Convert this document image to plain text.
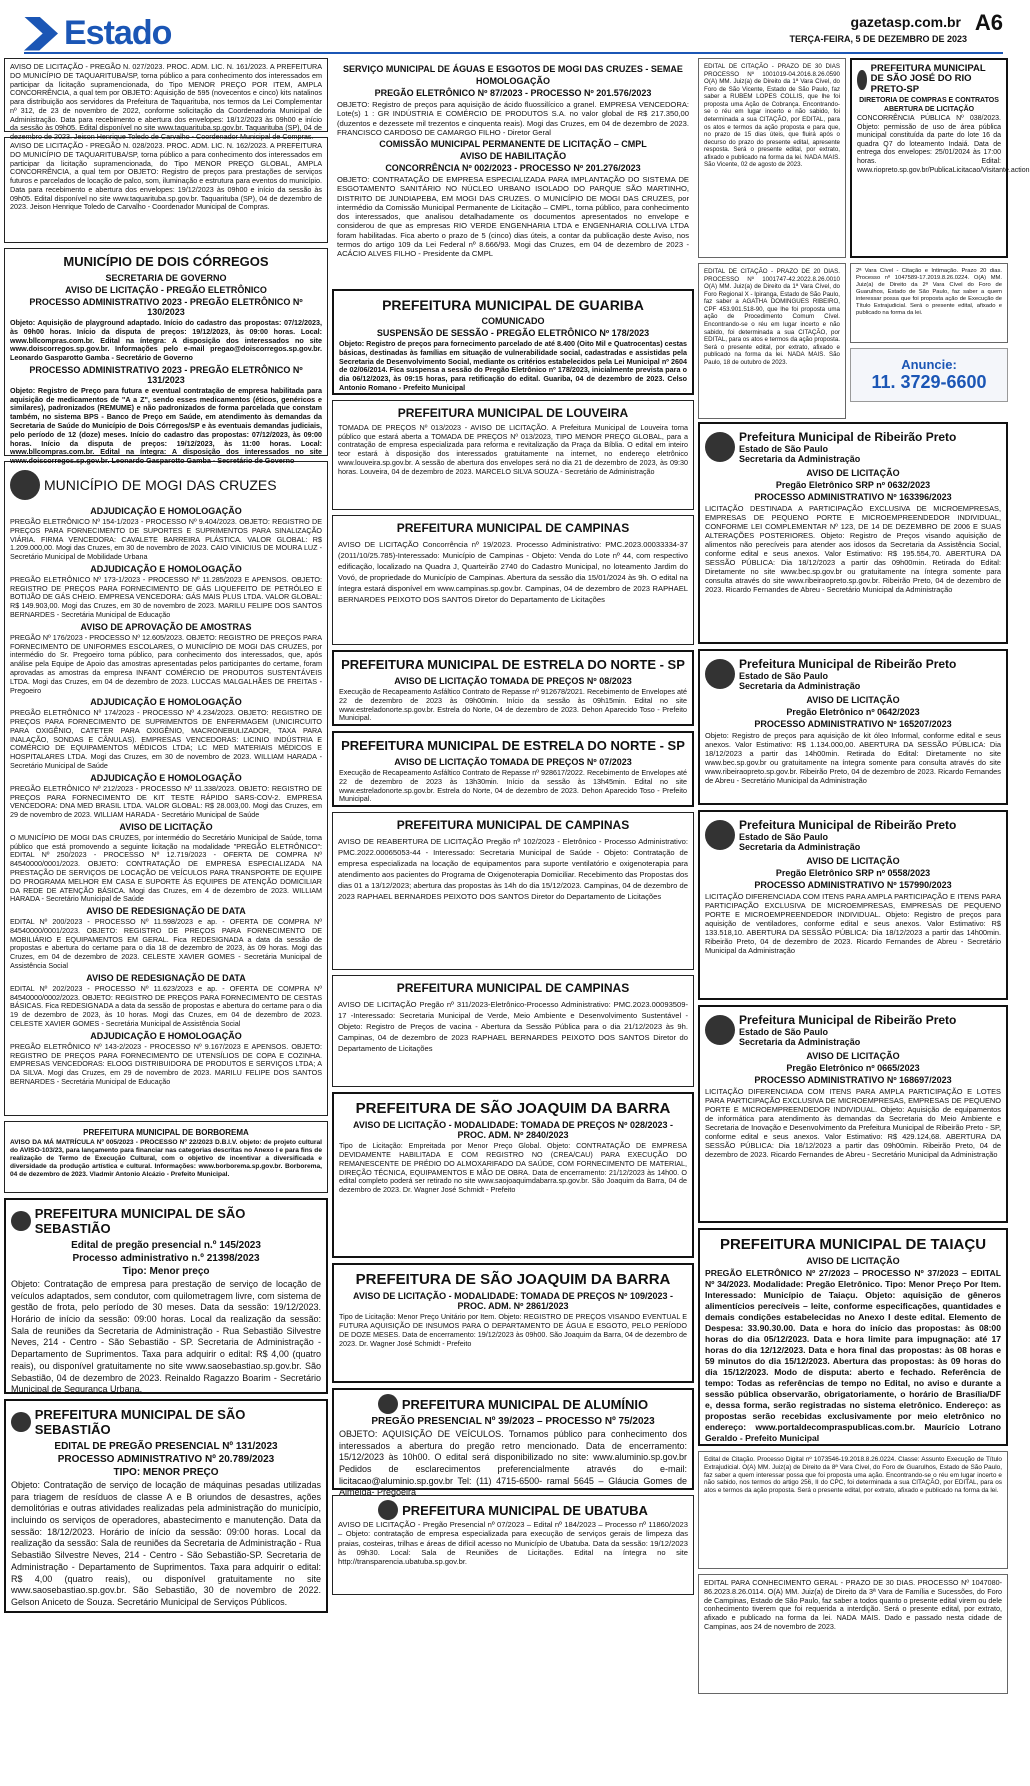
Estado	gazetasp.com.br A6
TERÇA-FEIRA, 5 DE DEZEMBRO DE 2023
AVISO DE LICITAÇÃO - PREGÃO N. 027/2023. PROC. ADM. LIC. N. 161/2023. A PREFEITURA DO MUNICÍPIO DE TAQUARITUBA/SP, torna público a para conhecimento dos interessados em participar da licitação supramencionada, do Tipo MENOR PREÇO POR ITEM, AMPLA CONCORRÊNCIA, a qual tem por OBJETO: Aquisição de 595 (novecentos e cinco) kits natalinos para distribuição aos servidores da Prefeitura de Taquarituba, nos termos da Lei Complementar nº 312, de 23 de novembro de 2022, conforme solicitação da Coordenadoria Municipal de Administração. Data para recebimento e abertura dos envelopes: 18/12/2023 às 09h00 e início da sessão às 09h05. Edital disponível no site www.taquarituba.sp.gov.br. Taquarituba (SP), 04 de dezembro de 2023. Jeison Henrique Toledo de Carvalho - Coordenador Municipal de Compras.
AVISO DE LICITAÇÃO - PREGÃO N. 028/2023. PROC. ADM. LIC. N. 162/2023. A PREFEITURA DO MUNICÍPIO DE TAQUARITUBA/SP, torna público a para conhecimento dos interessados em participar da licitação supramencionada, do Tipo MENOR PREÇO GLOBAL, AMPLA CONCORRÊNCIA, a qual tem por OBJETO: Registro de preços para prestações de serviços futuros e parcelados de locação de palco, som, iluminação e estrutura para eventos do município. Data para recebimento e abertura dos envelopes: 19/12/2023 às 09h00 e início da sessão às 09h05. Edital disponível no site www.taquarituba.sp.gov.br. Taquarituba (SP), 04 de dezembro de 2023. Jeison Henrique Toledo de Carvalho - Coordenador Municipal de Compras.
MUNICÍPIO DE DOIS CÓRREGOS
SECRETARIA DE GOVERNO
AVISO DE LICITAÇÃO - PREGÃO ELETRÔNICO
PROCESSO ADMINISTRATIVO 2023 - PREGÃO ELETRÔNICO Nº 130/2023
Objeto: Aquisição de playground adaptado. Início do cadastro das propostas: 07/12/2023, às 09h00 horas. Início da disputa de preços: 19/12/2023, às 09:00 horas. Local: www.bllcompras.com.br. Edital na íntegra: A disposição dos interessados no site www.doiscorregos.sp.gov.br. Informações pelo e-mail pregao@doiscorregos.sp.gov.br. Leonardo Gasparotto Gamba - Secretário de Governo
PROCESSO ADMINISTRATIVO 2023 - PREGÃO ELETRÔNICO Nº 131/2023
Objeto: Registro de Preço para futura e eventual contratação de empresa habilitada para aquisição de medicamentos de "A a Z", sendo esses medicamentos (éticos, genéricos e similares), padronizados (REMUME) e não padronizados de forma parcelada que constam também, no sistema BPS - Banco de Preço em Saúde, em atendimento às demandas da Secretaria de Saúde do Município de Dois Córregos/SP e às eventuais demandas judiciais, pelo período de 12 (doze) meses. Início do cadastro das propostas: 07/12/2023, às 09:00 horas. Início da disputa de preços: 19/12/2023, às 11:00 horas. Local: www.bllcompras.com.br. Edital na íntegra: A disposição dos interessados no site www.doiscorregos.sp.gov.br. Leonardo Gasparotto Gamba - Secretário de Governo
MUNICÍPIO DE MOGI DAS CRUZES
ADJUDICAÇÃO E HOMOLOGAÇÃO
PREGÃO ELETRÔNICO Nº 154-1/2023 - PROCESSO Nº 9.404/2023. OBJETO: REGISTRO DE PREÇOS PARA FORNECIMENTO DE SUPORTES E SUPRIMENTOS PARA SINALIZAÇÃO VIÁRIA. FIRMA VENCEDORA: CAVALETE BARREIRA PLÁSTICA. VALOR GLOBAL: R$ 1.209.000,00. Mogi das Cruzes, em 30 de novembro de 2023. CAIO VINICIUS DE MOURA LUZ - Secretário Municipal de Mobilidade Urbana
ADJUDICAÇÃO E HOMOLOGAÇÃO
PREGÃO ELETRÔNICO Nº 173-1/2023 - PROCESSO Nº 11.285/2023 E APENSOS. OBJETO: REGISTRO DE PREÇOS PARA FORNECIMENTO DE GÁS LIQUEFEITO DE PETRÓLEO E BOTIJÃO DE GÁS CHEIO. EMPRESA VENCEDORA: GÁS MAIS PLUS LTDA. VALOR GLOBAL: R$ 149.903,00. Mogi das Cruzes, em 30 de novembro de 2023. MARILU FELIPE DOS SANTOS BERNARDES - Secretária Municipal de Educação
AVISO DE APROVAÇÃO DE AMOSTRAS
PREGÃO Nº 176/2023 - PROCESSO Nº 12.605/2023. OBJETO: REGISTRO DE PREÇOS PARA FORNECIMENTO DE UNIFORMES ESCOLARES, O MUNICÍPIO DE MOGI DAS CRUZES, por intermédio do Sr. Pregoeiro torna público, para conhecimento dos interessados, que, após análise pela Equipe de Apoio das amostras apresentadas pelos participantes do certame, foram aprovadas as amostras da empresa INFANT COMÉRCIO DE PRODUTOS SUSTENTÁVEIS LTDA. Mogi das Cruzes, em 04 de dezembro de 2023. LUCCAS MALGALHÃES DE FREITAS - Pregoeiro
ADJUDICAÇÃO E HOMOLOGAÇÃO
PREGÃO ELETRÔNICO Nº 174/2023 - PROCESSO Nº 4.234/2023. OBJETO: REGISTRO DE PREÇOS PARA FORNECIMENTO DE SUPRIMENTOS DE ENFERMAGEM (UNICIRCUITO PARA OXIGÊNIO, CATETER PARA OXIGÊNIO, MACRONEBULIZADOR, TAXA PARA INALAÇÃO, SONDAS E CÂNULAS). EMPRESAS VENCEDORAS: LICINIO INDÚSTRIA E COMÉRCIO DE EQUIPAMENTOS MÉDICOS LTDA; LC MED MATERIAIS MÉDICOS E HOSPITALARES LTDA. Mogi das Cruzes, em 30 de novembro de 2023. WILLIAM HARADA - Secretário Municipal de Saúde
ADJUDICAÇÃO E HOMOLOGAÇÃO
PREGÃO ELETRÔNICO Nº 212/2023 - PROCESSO Nº 11.338/2023. OBJETO: REGISTRO DE PREÇOS PARA FORNECIMENTO DE KIT TESTE RÁPIDO SARS-COV-2. EMPRESA VENCEDORA: DNA MED BRASIL LTDA. VALOR GLOBAL: R$ 28.003,00. Mogi das Cruzes, em 29 de novembro de 2023. WILLIAM HARADA - Secretário Municipal de Saúde
AVISO DE LICITAÇÃO
O MUNICÍPIO DE MOGI DAS CRUZES, por intermédio do Secretário Municipal de Saúde, torna público que está promovendo a seguinte licitação na modalidade "PREGÃO ELETRÔNICO": EDITAL Nº 250/2023 - PROCESSO Nº 12.719/2023 - OFERTA DE COMPRA Nº 84540000/0001/2023. OBJETO: CONTRATAÇÃO DE EMPRESA ESPECIALIZADA NA PRESTAÇÃO DE SERVIÇOS DE LOCAÇÃO DE VEÍCULOS PARA TRANSPORTE DE EQUIPE DO PROGRAMA MELHOR EM CASA E SUPORTE ÀS EQUIPES DE ATENÇÃO DOMICILIAR DA REDE DE ATENÇÃO BÁSICA. Mogi das Cruzes, em 4 de dezembro de 2023. WILLIAM HARADA - Secretário Municipal de Saúde
AVISO DE REDESIGNAÇÃO DE DATA
EDITAL Nº 200/2023 - PROCESSO Nº 11.598/2023 e ap. - OFERTA DE COMPRA Nº 84540000/0001/2023. OBJETO: REGISTRO DE PREÇOS PARA FORNECIMENTO DE MOBILIÁRIO E EQUIPAMENTOS EM GERAL. Fica REDESIGNADA a data da sessão de propostas e abertura do certame para o dia 18 de dezembro de 2023, às 09 horas. Mogi das Cruzes, em 04 de dezembro de 2023. CELESTE XAVIER GOMES - Secretária Municipal de Assistência Social
AVISO DE REDESIGNAÇÃO DE DATA
EDITAL Nº 202/2023 - PROCESSO Nº 11.623/2023 e ap. - OFERTA DE COMPRA Nº 84540000/0002/2023. OBJETO: REGISTRO DE PREÇOS PARA FORNECIMENTO DE CESTAS BÁSICAS. Fica REDESIGNADA a data da sessão de propostas e abertura do certame para o dia 19 de dezembro de 2023, às 10 horas. Mogi das Cruzes, em 04 de dezembro de 2023. CELESTE XAVIER GOMES - Secretária Municipal de Assistência Social
ADJUDICAÇÃO E HOMOLOGAÇÃO
PREGÃO ELETRÔNICO Nº 143-2/2023 - PROCESSO Nº 9.167/2023 E APENSOS. OBJETO: REGISTRO DE PREÇOS PARA FORNECIMENTO DE UTENSÍLIOS DE COPA E COZINHA. EMPRESAS VENCEDORAS: ELOOG DISTRIBUIDORA DE PRODUTOS E SERVIÇOS LTDA; A DA SILVA. Mogi das Cruzes, em 29 de novembro de 2023. MARILU FELIPE DOS SANTOS BERNARDES - Secretária Municipal de Educação
PREFEITURA MUNICIPAL DE BORBOREMA
AVISO DA MÁ MATRÍCULA Nº 005/2023 - PROCESSO Nº 22/2023 D.B.I.V. objeto: de projeto cultural do AVISO-103/23, para lançamento para financiar nas categorias descritas no Anexo I e para fins de realização de Termo de Execução Cultural, com o objetivo de incentivar a diversificada e diversidade da produção artística e cultural. Informações: www.borborema.sp.gov.br. Borborema, 04 de dezembro de 2023. Vladmir Antonio Alcázio - Prefeito Municipal.
PREFEITURA MUNICIPAL DE SÃO SEBASTIÃO
Edital de pregão presencial n.º 145/2023
Processo administrativo n.º 21398/2023
Tipo: Menor preço
Objeto: Contratação de empresa para prestação de serviço de locação de veículos adaptados, sem condutor, com quilometragem livre, com sistema de gestão de frota, pelo período de 30 meses. Data da sessão: 19/12/2023. Horário de início da sessão: 09:00 horas. Local da realização da sessão: Sala de reuniões da Secretaria de Administração - Rua Sebastião Silvestre Neves, 214 - Centro - São Sebastião - SP. Secretaria de Administração - Departamento de Suprimentos. Taxa para adquirir o edital: R$ 4,00 (quatro reais), ou disponível gratuitamente no site www.saosebastiao.sp.gov.br. São Sebastião, 04 de dezembro de 2023. Reinaldo Ragazzo Boarim - Secretário Municipal de Segurança Urbana.
PREFEITURA MUNICIPAL DE SÃO SEBASTIÃO
EDITAL DE PREGÃO PRESENCIAL Nº 131/2023
PROCESSO ADMINISTRATIVO Nº 20.789/2023
TIPO: MENOR PREÇO
Objeto: Contratação de serviço de locação de máquinas pesadas utilizadas para triagem de resíduos de classe A e B oriundos de desastres, ações demolitórias e outras atividades realizadas pela administração do município, incluindo os serviços de operadores, abastecimento e manutenção. Data da sessão: 18/12/2023. Horário de início da sessão: 09:00 horas. Local da realização da sessão: Sala de reuniões da Secretaria de Administração - Rua Sebastião Silvestre Neves, 214 - Centro - São Sebastião-SP. Secretaria de Administração - Departamento de Suprimentos. Taxa para adquirir o edital: R$ 4,00 (quatro reais), ou disponível gratuitamente no site www.saosebastiao.sp.gov.br. São Sebastião, 30 de novembro de 2022. Gelson Aniceto de Souza. Secretário Municipal de Serviços Públicos.
SERVIÇO MUNICIPAL DE ÁGUAS E ESGOTOS DE MOGI DAS CRUZES - SEMAE
HOMOLOGAÇÃO
PREGÃO ELETRÔNICO Nº 87/2023 - PROCESSO Nº 201.576/2023
OBJETO: Registro de preços para aquisição de ácido fluossilícico a granel. EMPRESA VENCEDORA: Lote(s) 1 : GR INDÚSTRIA E COMÉRCIO DE PRODUTOS S.A. no valor global de R$ 217.350,00 (duzentos e dezessete mil trezentos e cinquenta reais). Mogi das Cruzes, em 04 de dezembro de 2023. FRANCISCO CARDOSO DE CAMARGO FILHO - Diretor Geral
COMISSÃO MUNICIPAL PERMANENTE DE LICITAÇÃO – CMPL
AVISO DE HABILITAÇÃO
CONCORRÊNCIA Nº 002/2023 - PROCESSO Nº 201.276/2023
OBJETO: CONTRATAÇÃO DE EMPRESA ESPECIALIZADA PARA IMPLANTAÇÃO DO SISTEMA DE ESGOTAMENTO SANITÁRIO NO NÚCLEO URBANO ISOLADO DO PARQUE SÃO MARTINHO, DISTRITO DE JUNDIAPEBA, EM MOGI DAS CRUZES. O MUNICÍPIO DE MOGI DAS CRUZES, por intermédio da Comissão Municipal Permanente de Licitação – CMPL, torna público, para conhecimento dos interessados, que analisou detalhadamente os documentos apresentados no envelope e considerou de que as empresas RIO VERDE ENGENHARIA LTDA e ENGENHARIA COLLIVA LTDA foram habilitadas. Fica aberto o prazo de 5 (cinco) dias úteis, a contar da publicação deste Aviso, nos termos do artigo 109 da Lei Federal nº 8.666/93. Mogi das Cruzes, em 04 de dezembro de 2023 - ACÁCIO ALVES FILHO - Presidente da CMPL
PREFEITURA MUNICIPAL DE GUARIBA
COMUNICADO
SUSPENSÃO DE SESSÃO - PREGÃO ELETRÔNICO Nº 178/2023
Objeto: Registro de preços para fornecimento parcelado de até 8.400 (Oito Mil e Quatrocentas) cestas básicas, destinadas às famílias em situação de vulnerabilidade social, cadastradas e assistidas pela Secretaria de Desenvolvimento Social, mediante os critérios estabelecidos pela Lei Municipal nº 2604 de 02/06/2014. Fica suspensa a sessão do Pregão Eletrônico nº 178/2023, inicialmente prevista para o dia 06/12/2023, às 09:15 horas, para retificação do edital. Guariba, 04 de dezembro de 2023. Celso Antonio Romano - Prefeito Municipal
PREFEITURA MUNICIPAL DE LOUVEIRA
TOMADA DE PREÇOS Nº 013/2023 - AVISO DE LICITAÇÃO. A Prefeitura Municipal de Louveira torna público que estará aberta a TOMADA DE PREÇOS Nº 013/2023, TIPO MENOR PREÇO GLOBAL, para a contratação de empresa especializada para reforma e revitalização da Praça da Bíblia. O edital em inteiro teor estará à disposição dos interessados gratuitamente na internet, no endereço eletrônico www.louveira.sp.gov.br. A sessão de abertura dos envelopes será no dia 21 de dezembro de 2023, às 09:30 horas. Louveira, 04 de dezembro de 2023. MARCELO SILVA SOUZA - Secretário de Administração
PREFEITURA MUNICIPAL DE CAMPINAS
AVISO DE LICITAÇÃO Concorrência nº 19/2023. Processo Administrativo: PMC.2023.00033334-37 (2011/10/25.785)-Interessado: Município de Campinas - Objeto: Venda do Lote nº 44, com respectivo edificação, localizado na Quadra J, Quarteirão 2740 do Cadastro Municipal, no loteamento Jardim do Vovó, de propriedade do Município de Campinas. Abertura da sessão dia 15/01/2024 às 9h. O edital na íntegra estará disponível em www.campinas.sp.gov.br. Campinas, 04 de dezembro de 2023 RAPHAEL BERNARDES PEIXOTO DOS SANTOS Diretor do Departamento de Licitações
PREFEITURA MUNICIPAL DE ESTRELA DO NORTE - SP
AVISO DE LICITAÇÃO TOMADA DE PREÇOS Nº 08/2023
Execução de Recapeamento Asfáltico Contrato de Repasse nº 912678/2021. Recebimento de Envelopes até 22 de dezembro de 2023 às 09h00min. Início da sessão às 09h15min. Edital no site www.estreladonorte.sp.gov.br. Estrela do Norte, 04 de dezembro de 2023. Dehon Aparecido Toso - Prefeito Municipal.
PREFEITURA MUNICIPAL DE ESTRELA DO NORTE - SP
AVISO DE LICITAÇÃO TOMADA DE PREÇOS Nº 07/2023
Execução de Recapeamento Asfáltico Contrato de Repasse nº 928617/2022. Recebimento de Envelopes até 22 de dezembro de 2023 às 13h30min. Início da sessão às 13h45min. Edital no site www.estreladonorte.sp.gov.br. Estrela do Norte, 04 de dezembro de 2023. Dehon Aparecido Toso - Prefeito Municipal.
PREFEITURA MUNICIPAL DE CAMPINAS
AVISO DE REABERTURA DE LICITAÇÃO Pregão nº 102/2023 - Eletrônico - Processo Administrativo: PMC.2022.00065053-44 - Interessado: Secretaria Municipal de Saúde - Objeto: Contratação de empresa especializada na locação de equipamentos para suporte ventilatório e oxigenoterapia para atendimento aos pacientes do Programa de Oxigenoterapia Domiciliar. Recebimento das Propostas dos dias 01 a 13/12/2023; abertura das propostas às 14h do dia 15/12/2023. Campinas, 04 de dezembro de 2023 RAPHAEL BERNARDES PEIXOTO DOS SANTOS Diretor do Departamento de Licitações
PREFEITURA MUNICIPAL DE CAMPINAS
AVISO DE LICITAÇÃO Pregão nº 311/2023-Eletrônico-Processo Administrativo: PMC.2023.00093509-17 -Interessado: Secretaria Municipal de Verde, Meio Ambiente e Desenvolvimento Sustentável - Objeto: Registro de Preços de vacina - Abertura da Sessão Pública para o dia 21/12/2023 às 9h. Campinas, 04 de dezembro de 2023 RAPHAEL BERNARDES PEIXOTO DOS SANTOS Diretor do Departamento de Licitações
PREFEITURA DE SÃO JOAQUIM DA BARRA
AVISO DE LICITAÇÃO - MODALIDADE: TOMADA DE PREÇOS Nº 028/2023 - PROC. ADM. Nº 2840/2023
Tipo de Licitação: Empreitada por Menor Preço Global. Objeto: CONTRATAÇÃO DE EMPRESA DEVIDAMENTE HABILITADA E COM REGISTRO NO (CREA/CAU) PARA EXECUÇÃO DO REMANESCENTE DE PRÉDIO DO ALMOXARIFADO DA SAÚDE, COM FORNECIMENTO DE MATERIAL, DIREÇÃO TÉCNICA, EQUIPAMENTOS E MÃO DE OBRA. Data de encerramento: 21/12/2023 às 14h00. O edital completo poderá ser retirado no site www.saojoaquimdabarra.sp.gov.br. São Joaquim da Barra, 04 de dezembro de 2023. Dr. Wagner José Schmidt - Prefeito
PREFEITURA DE SÃO JOAQUIM DA BARRA
AVISO DE LICITAÇÃO - MODALIDADE: TOMADA DE PREÇOS Nº 109/2023 - PROC. ADM. Nº 2861/2023
Tipo de Licitação: Menor Preço Unitário por Item. Objeto: REGISTRO DE PREÇOS VISANDO EVENTUAL E FUTURA AQUISIÇÃO DE INSUMOS PARA O DEPARTAMENTO DE ÁGUA E ESGOTO, PELO PERÍODO DE DOZE MESES. Data de encerramento: 19/12/2023 às 09h00. São Joaquim da Barra, 04 de dezembro de 2023. Dr. Wagner José Schmidt - Prefeito
PREFEITURA MUNICIPAL DE ALUMÍNIO
PREGÃO PRESENCIAL Nº 39/2023 – PROCESSO Nº 75/2023
OBJETO: AQUISIÇÃO DE VEÍCULOS. Tornamos público para conhecimento dos interessados a abertura do pregão retro mencionado. Data de encerramento: 15/12/2023 às 10h00. O edital será disponibilizado no site: www.aluminio.sp.gov.br Pedidos de esclarecimentos preferencialmente através do e-mail: licitacao@aluminio.sp.gov.br Tel: (11) 4715-6500- ramal 5645 – Gláucia Gomes de Almeida- Pregoeira
PREFEITURA MUNICIPAL DE UBATUBA
AVISO DE LICITAÇÃO - Pregão Presencial nº 07/2023 – Edital nº 184/2023 – Processo nº 11860/2023 – Objeto: contratação de empresa especializada para execução de serviços gerais de limpeza das praias, costeiras, trilhas e áreas de difícil acesso no Município de Ubatuba. Data da sessão: 19/12/2023 às 09h30. Local: Sala de Reuniões de Licitações. Edital na íntegra no site http://transparencia.ubatuba.sp.gov.br.
EDITAL DE CITAÇÃO - PRAZO DE 30 DIAS PROCESSO Nº 1001019-04.2016.8.26.0590 O(A) MM. Juiz(a) de Direito da 1ª Vara Cível, do Foro de São Vicente, Estado de São Paulo, faz saber a RUBEM LOPES COLLIS, que lhe foi proposta uma Ação de Cobrança. Encontrando-se o réu em lugar incerto e não sabido, foi determinada a sua CITAÇÃO, por EDITAL, para os atos e termos da ação proposta e para que, no prazo de 15 dias úteis, que fluirá após o decurso do prazo do presente edital, apresente resposta. Será o presente edital, por extrato, afixado e publicado na forma da lei. NADA MAIS. São Vicente, 02 de agosto de 2023.
EDITAL DE CITAÇÃO - PRAZO DE 20 DIAS. PROCESSO Nº 1001747-42.2022.8.26.0010 O(A) MM. Juiz(a) de Direito da 1ª Vara Cível, do Foro Regional X - Ipiranga, Estado de São Paulo, faz saber a AGATHA DOMINGUES RIBEIRO, CPF 453.901.518-90, que lhe foi proposta uma ação de Procedimento Comum Cível. Encontrando-se o réu em lugar incerto e não sabido, foi determinada a sua CITAÇÃO, por EDITAL, para os atos e termos da ação proposta. Será o presente edital, por extrato, afixado e publicado na forma da lei. NADA MAIS. São Paulo, 18 de outubro de 2023.
PREFEITURA MUNICIPAL DE SÃO JOSÉ DO RIO PRETO-SP
DIRETORIA DE COMPRAS E CONTRATOS
ABERTURA DE LICITAÇÃO
CONCORRÊNCIA PÚBLICA Nº 038/2023. Objeto: permissão de uso de área pública municipal constituída da parte do lote 16 da quadra Q7 do loteamento Indaiá. Data de entrega dos envelopes: 25/01/2024 às 17:00 horas. Edital: www.riopreto.sp.gov.br/PublicaLicitacao/Visitante.action
2ª Vara Cível - Citação e Intimação. Prazo 20 dias. Processo nº 1047589-17.2019.8.26.0224. O(A) MM. Juiz(a) de Direito da 2ª Vara Cível do Foro de Guarulhos, Estado de São Paulo, faz saber a quem interessar possa que foi proposta ação de Execução de Título Extrajudicial. Será o presente edital, afixado e publicado na forma da lei.
Anuncie:
11. 3729-6600
Prefeitura Municipal de Ribeirão Preto
Estado de São Paulo
Secretaria da Administração
AVISO DE LICITAÇÃO
Pregão Eletrônico SRP nº 0632/2023
PROCESSO ADMINISTRATIVO Nº 163396/2023
LICITAÇÃO DESTINADA A PARTICIPAÇÃO EXCLUSIVA DE MICROEMPRESAS, EMPRESAS DE PEQUENO PORTE E MICROEMPREENDEDOR INDIVIDUAL, CONFORME LEI COMPLEMENTAR Nº 123, DE 14 DE DEZEMBRO DE 2006 E SUAS ALTERAÇÕES POSTERIORES. Objeto: Registro de Preços visando aquisição de alimentos não perecíveis para atender aos idosos da Secretaria da Assistência Social, conforme edital e seus anexos. Valor Estimativo: R$ 195.554,70. ABERTURA DA SESSÃO PÚBLICA: Dia 18/12/2023 a partir das 09h00min. Retirada do Edital: Diretamente no site www.bec.sp.gov.br ou gratuitamente na íntegra somente para consulta através do site www.ribeiraopreto.sp.gov.br. Ribeirão Preto, 04 de dezembro de 2023. Ricardo Fernandes de Abreu - Secretário Municipal da Administração
Prefeitura Municipal de Ribeirão Preto
Estado de São Paulo
Secretaria da Administração
AVISO DE LICITAÇÃO
Pregão Eletrônico nº 0642/2023
PROCESSO ADMINISTRATIVO Nº 165207/2023
Objeto: Registro de preços para aquisição de kit óleo Informal, conforme edital e seus anexos. Valor Estimativo: R$ 1.134.000,00. ABERTURA DA SESSÃO PÚBLICA: Dia 18/12/2023 a partir das 14h00min. Retirada do Edital: Diretamente no site www.bec.sp.gov.br ou gratuitamente na íntegra somente para consulta através do site www.ribeiraopreto.sp.gov.br. Ribeirão Preto, 04 de dezembro de 2023. Ricardo Fernandes de Abreu - Secretário Municipal da Administração
Prefeitura Municipal de Ribeirão Preto
Estado de São Paulo
Secretaria da Administração
AVISO DE LICITAÇÃO
Pregão Eletrônico SRP nº 0558/2023
PROCESSO ADMINISTRATIVO Nº 157990/2023
LICITAÇÃO DIFERENCIADA COM ITENS PARA AMPLA PARTICIPAÇÃO E ITENS PARA PARTICIPAÇÃO EXCLUSIVA DE MICROEMPRESAS, EMPRESAS DE PEQUENO PORTE E MICROEMPREENDEDOR INDIVIDUAL. Objeto: Registro de preços para aquisição de ventiladores, conforme edital e seus anexos. Valor Estimativo: R$ 133.518,10. ABERTURA DA SESSÃO PÚBLICA: Dia 18/12/2023 a partir das 14h00min. Ribeirão Preto, 04 de dezembro de 2023. Ricardo Fernandes de Abreu - Secretário Municipal da Administração
Prefeitura Municipal de Ribeirão Preto
Estado de São Paulo
Secretaria da Administração
AVISO DE LICITAÇÃO
Pregão Eletrônico nº 0665/2023
PROCESSO ADMINISTRATIVO Nº 168697/2023
LICITAÇÃO DIFERENCIADA COM ITENS PARA AMPLA PARTICIPAÇÃO E LOTES PARA PARTICIPAÇÃO EXCLUSIVA DE MICROEMPRESAS, EMPRESAS DE PEQUENO PORTE E MICROEMPREENDEDOR INDIVIDUAL. Objeto: Aquisição de equipamentos de informática para atendimento às demandas da Secretaria do Meio Ambiente e Secretaria de Inovação e Desenvolvimento da Prefeitura Municipal de Ribeirão Preto - SP, conforme edital e seus anexos. Valor Estimativo: R$ 429.124,68. ABERTURA DA SESSÃO PÚBLICA: Dia 18/12/2023 a partir das 09h00min. Ribeirão Preto, 04 de dezembro de 2023. Ricardo Fernandes de Abreu - Secretário Municipal da Administração
PREFEITURA MUNICIPAL DE TAIAÇU
AVISO DE LICITAÇÃO
PREGÃO ELETRÔNICO Nº 27/2023 – PROCESSO Nº 37/2023 – EDITAL Nº 34/2023. Modalidade: Pregão Eletrônico. Tipo: Menor Preço Por Item. Interessado: Município de Taiaçu. Objeto: aquisição de gêneros alimentícios perecíveis – leite, conforme especificações, quantidades e demais condições estabelecidas no Anexo I deste edital. Elemento de Despesa: 33.90.30.00. Data e hora do início das propostas: às 08:00 horas do dia 05/12/2023. Data e hora limite para impugnação: até 17 horas do dia 12/12/2023. Data e hora final das propostas: às 08 horas e 59 minutos do dia 15/12/2023. Abertura das propostas: às 09 horas do dia 15/12/2023. Modo de disputa: aberto e fechado. Referência de tempo: Todas as referências de tempo no Edital, no aviso e durante a sessão pública observarão, obrigatoriamente, o horário de Brasília/DF e, dessa forma, serão registradas no sistema eletrônico. Endereço: as propostas serão recebidas exclusivamente por meio eletrônico no endereço: www.portaldecompraspublicas.com.br. Maurício Lotrano Geraldo - Prefeito Municipal
Edital de Citação. Processo Digital nº 1073546-19.2018.8.26.0224. Classe: Assunto Execução de Título Extrajudicial. O(A) MM. Juiz(a) de Direito da 8ª Vara Cível, do Foro de Guarulhos, Estado de São Paulo, faz saber a quem interessar possa que foi proposta uma ação. Encontrando-se o réu em lugar incerto e não sabido, nos termos do artigo 256, II do CPC, foi determinada a sua CITAÇÃO, por EDITAL, para os atos e termos da ação proposta. Será o presente edital, por extrato, afixado e publicado na forma da lei.
EDITAL PARA CONHECIMENTO GERAL - PRAZO DE 30 DIAS. PROCESSO Nº 1047080-86.2023.8.26.0114. O(A) MM. Juiz(a) de Direito da 3ª Vara de Família e Sucessões, do Foro de Campinas, Estado de São Paulo, faz saber a todos quanto o presente edital virem ou dele conhecimento tiverem que foi requerida a interdição. Será o presente edital, por extrato, afixado e publicado na forma da lei. NADA MAIS. Dado e passado nesta cidade de Campinas, aos 24 de novembro de 2023.
